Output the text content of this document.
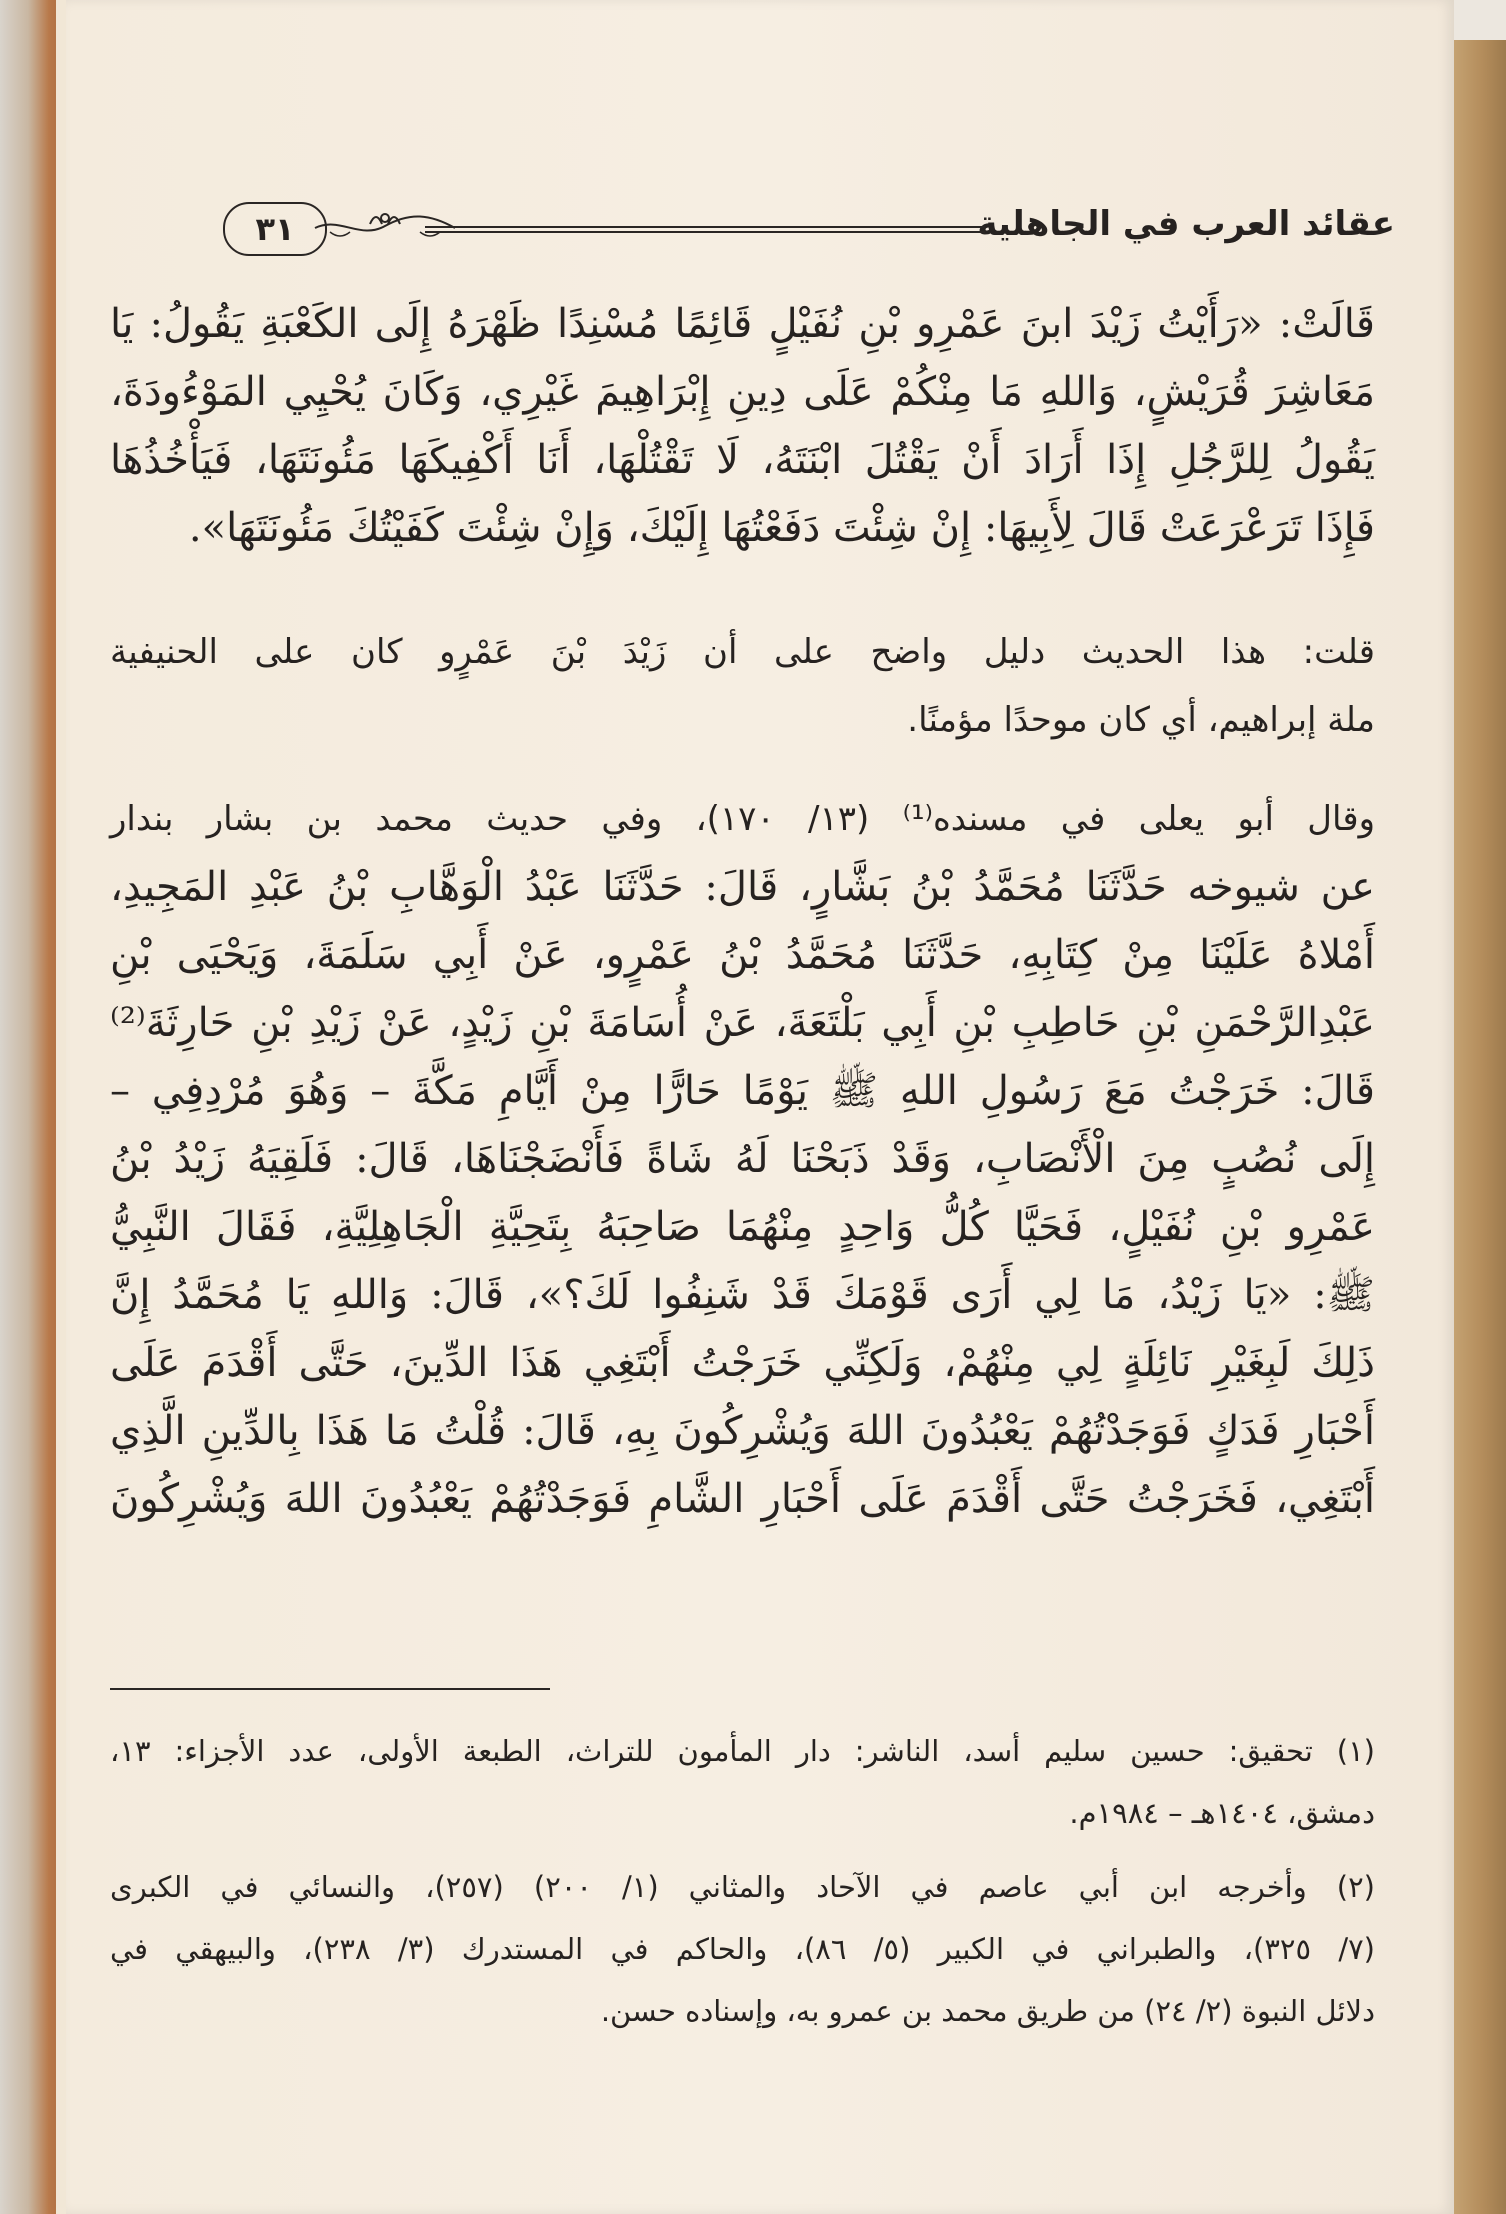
عقائد العرب في الجاهلية
٣١
قَالَتْ: «رَأَيْتُ زَيْدَ ابنَ عَمْرِو بْنِ نُفَيْلٍ قَائِمًا مُسْنِدًا ظَهْرَهُ إِلَى الكَعْبَةِ يَقُولُ: يَا
مَعَاشِرَ قُرَيْشٍ، وَاللهِ مَا مِنْكُمْ عَلَى دِينِ إِبْرَاهِيمَ غَيْرِي، وَكَانَ يُحْيِي المَوْءُودَةَ،
يَقُولُ لِلرَّجُلِ إِذَا أَرَادَ أَنْ يَقْتُلَ ابْنَتَهُ، لَا تَقْتُلْهَا، أَنَا أَكْفِيكَهَا مَئُونَتَهَا، فَيَأْخُذُهَا
فَإِذَا تَرَعْرَعَتْ قَالَ لِأَبِيهَا: إِنْ شِئْتَ دَفَعْتُهَا إِلَيْكَ، وَإِنْ شِئْتَ كَفَيْتُكَ مَئُونَتَهَا».
قلت: هذا الحديث دليل واضح على أن زَيْدَ بْنَ عَمْرٍو كان على الحنيفية
ملة إبراهيم، أي كان موحدًا مؤمنًا.
وقال أبو يعلى في مسنده⁽¹⁾ (١٣/ ١٧٠)، وفي حديث محمد بن بشار بندار
عن شيوخه حَدَّثَنَا مُحَمَّدُ بْنُ بَشَّارٍ، قَالَ: حَدَّثَنَا عَبْدُ الْوَهَّابِ بْنُ عَبْدِ المَجِيدِ،
أَمْلاهُ عَلَيْنَا مِنْ كِتَابِهِ، حَدَّثَنَا مُحَمَّدُ بْنُ عَمْرٍو، عَنْ أَبِي سَلَمَةَ، وَيَحْيَى بْنِ
عَبْدِالرَّحْمَنِ بْنِ حَاطِبِ بْنِ أَبِي بَلْتَعَةَ، عَنْ أُسَامَةَ بْنِ زَيْدٍ، عَنْ زَيْدِ بْنِ حَارِثَةَ⁽²⁾
قَالَ: خَرَجْتُ مَعَ رَسُولِ اللهِ ﷺ يَوْمًا حَارًّا مِنْ أَيَّامِ مَكَّةَ – وَهُوَ مُرْدِفِي –
إِلَى نُصُبٍ مِنَ الْأَنْصَابِ، وَقَدْ ذَبَحْنَا لَهُ شَاةً فَأَنْضَجْنَاهَا، قَالَ: فَلَقِيَهُ زَيْدُ بْنُ
عَمْرِو بْنِ نُفَيْلٍ، فَحَيَّا كُلُّ وَاحِدٍ مِنْهُمَا صَاحِبَهُ بِتَحِيَّةِ الْجَاهِلِيَّةِ، فَقَالَ النَّبِيُّ
ﷺ: «يَا زَيْدُ، مَا لِي أَرَى قَوْمَكَ قَدْ شَنِفُوا لَكَ؟»، قَالَ: وَاللهِ يَا مُحَمَّدُ إِنَّ
ذَلِكَ لَبِغَيْرِ نَائِلَةٍ لِي مِنْهُمْ، وَلَكِنِّي خَرَجْتُ أَبْتَغِي هَذَا الدِّينَ، حَتَّى أَقْدَمَ عَلَى
أَحْبَارِ فَدَكٍ فَوَجَدْتُهُمْ يَعْبُدُونَ اللهَ وَيُشْرِكُونَ بِهِ، قَالَ: قُلْتُ مَا هَذَا بِالدِّينِ الَّذِي
أَبْتَغِي، فَخَرَجْتُ حَتَّى أَقْدَمَ عَلَى أَحْبَارِ الشَّامِ فَوَجَدْتُهُمْ يَعْبُدُونَ اللهَ وَيُشْرِكُونَ
(١) تحقيق: حسين سليم أسد، الناشر: دار المأمون للتراث، الطبعة الأولى، عدد الأجزاء: ١٣،
دمشق، ١٤٠٤هـ – ١٩٨٤م.
(٢) وأخرجه ابن أبي عاصم في الآحاد والمثاني (١/ ٢٠٠) (٢٥٧)، والنسائي في الكبرى
(٧/ ٣٢٥)، والطبراني في الكبير (٥/ ٨٦)، والحاكم في المستدرك (٣/ ٢٣٨)، والبيهقي في
دلائل النبوة (٢/ ٢٤) من طريق محمد بن عمرو به، وإسناده حسن.
